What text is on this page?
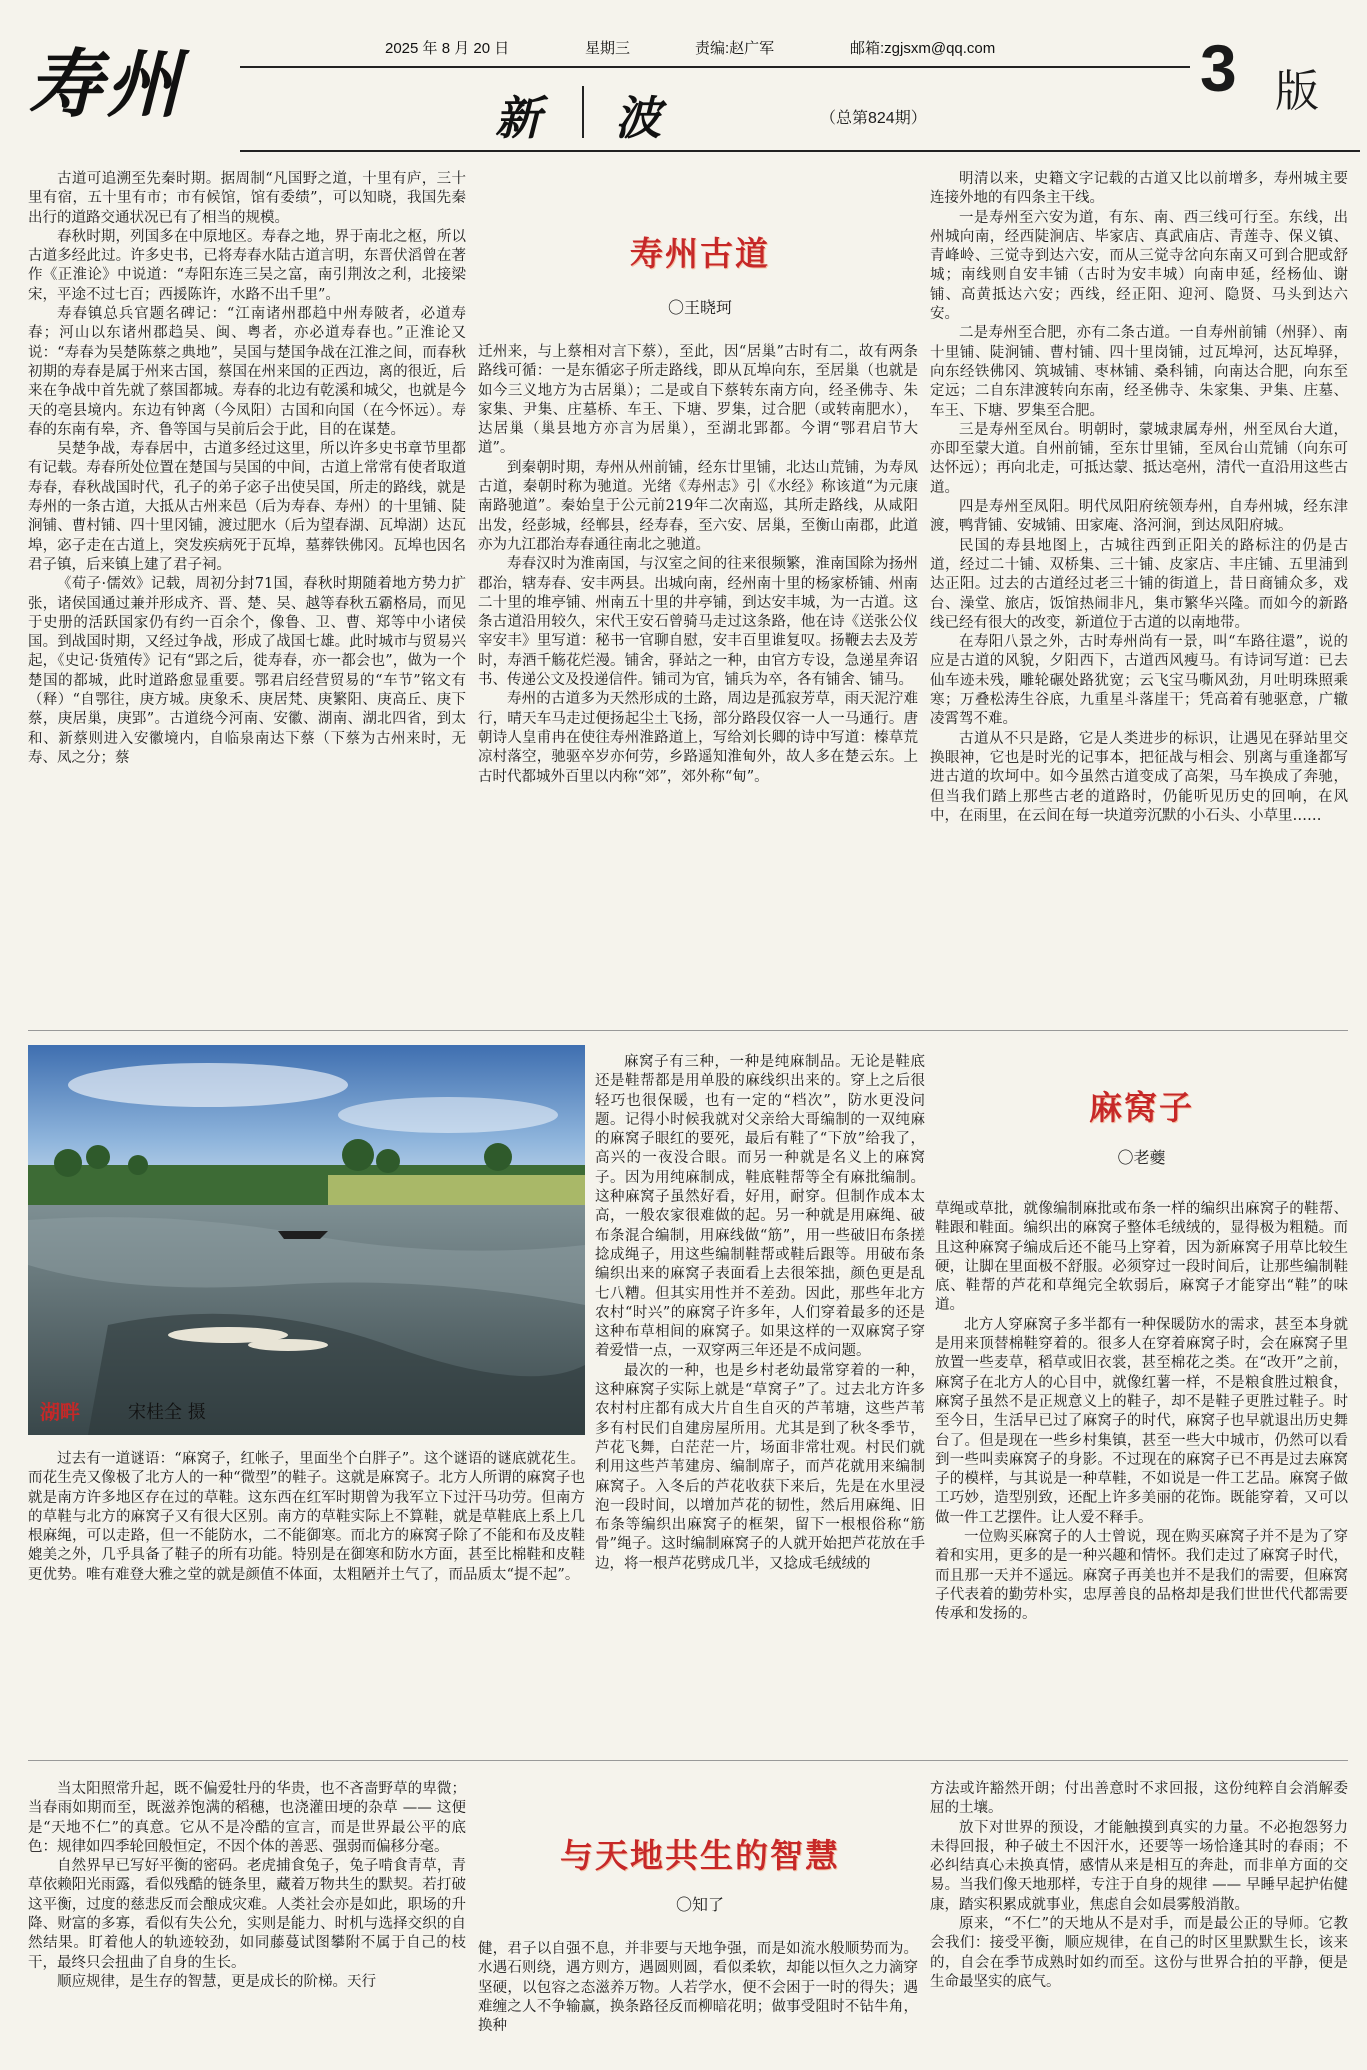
寿州	2025 年 8 月 20 日	星期三	责编:赵广军	邮箱:zgjsxm@qq.com
新 波	（总第824期）
3 版

古道可追溯至先秦时期。据周制“凡国野之道，十里有庐，三十里有宿，五十里有市；市有候馆，馆有委绩”，可以知晓，我国先秦出行的道路交通状况已有了相当的规模。

春秋时期，列国多在中原地区。寿春之地，界于南北之枢，所以古道多经此过。许多史书，已将寿春水陆古道言明，东晋伏滔曾在著作《正淮论》中说道：“寿阳东连三吴之富，南引荆汝之利，北接梁宋，平途不过七百；西援陈许，水路不出千里”。

寿春镇总兵官题名碑记：“江南诸州郡趋中州寿陂者，必道寿春；河山以东诸州郡趋吴、闽、粤者，亦必道寿春也。”正淮论又说：“寿春为吴楚陈蔡之典地”，吴国与楚国争战在江淮之间，而春秋初期的寿春是属于州来古国，蔡国在州来国的正西边，离的很近，后来在争战中首先就了蔡国都城。寿春的北边有乾溪和城父，也就是今天的亳县境内。东边有钟离（今凤阳）古国和向国（在今怀远）。寿春的东南有皋，齐、鲁等国与吴前后会于此，目的在谋楚。

吴楚争战，寿春居中，古道多经过这里，所以许多史书章节里都有记载。寿春所处位置在楚国与吴国的中间，古道上常常有使者取道寿春，春秋战国时代，孔子的弟子宓子出使吴国，所走的路线，就是寿州的一条古道，大抵从古州来邑（后为寿春、寿州）的十里铺、陡涧铺、曹村铺、四十里冈铺，渡过肥水（后为望春湖、瓦埠湖）达瓦埠，宓子走在古道上，突发疾病死于瓦埠，墓葬铁佛冈。瓦埠也因名君子镇，后来镇上建了君子祠。

《荀子·儒效》记载，周初分封71国，春秋时期随着地方势力扩张，诸侯国通过兼并形成齐、晋、楚、吴、越等春秋五霸格局，而见于史册的活跃国家仍有约一百余个，像鲁、卫、曹、郑等中小诸侯国。到战国时期，又经过争战，形成了战国七雄。此时城市与贸易兴起，《史记·货殖传》记有“郢之后，徙寿春，亦一都会也”，做为一个楚国的都城，此时道路愈显重要。鄂君启经营贸易的“车节”铭文有（释）“自鄂往，庚方城。庚象禾、庚居梵、庚繁阳、庚高丘、庚下蔡，庚居巢，庚郢”。古道绕今河南、安徽、湖南、湖北四省，到太和、新蔡则进入安徽境内，自临泉南达下蔡（下蔡为古州来时，无寿、凤之分；蔡

寿州古道
〇王晓珂

迁州来，与上蔡相对言下蔡），至此，因“居巢”古时有二，故有两条路线可循：一是东循宓子所走路线，即从瓦埠向东，至居巢（也就是如今三义地方为古居巢）；二是或自下蔡转东南方向，经圣佛寺、朱家集、尹集、庄墓桥、车王、下塘、罗集，过合肥（或转南肥水），达居巢（巢县地方亦言为居巢），至湖北郢都。今谓“鄂君启节大道”。

到秦朝时期，寿州从州前铺，经东廿里铺，北达山荒铺，为寿凤古道，秦朝时称为驰道。光绪《寿州志》引《水经》称该道“为元康南路驰道”。秦始皇于公元前219年二次南巡，其所走路线，从咸阳出发，经彭城，经郸县，经寿春，至六安、居巢，至衡山南郡，此道亦为九江郡治寿春通往南北之驰道。

寿春汉时为淮南国，与汉室之间的往来很频繁，淮南国除为扬州郡治，辖寿春、安丰两县。出城向南，经州南十里的杨家桥铺、州南二十里的堆亭铺、州南五十里的井亭铺，到达安丰城，为一古道。这条古道沿用较久，宋代王安石曾骑马走过这条路，他在诗《送张公仪宰安丰》里写道：秘书一官聊自慰，安丰百里谁复叹。扬鞭去去及芳时，寿酒千觞花烂漫。铺舍，驿站之一种，由官方专设，急递星奔诏书、传递公文及投递信件。铺司为官，铺兵为卒，各有铺舍、铺马。

寿州的古道多为天然形成的土路，周边是孤寂芳草，雨天泥泞难行，晴天车马走过便扬起尘土飞扬，部分路段仅容一人一马通行。唐朝诗人皇甫冉在使往寿州淮路道上，写给刘长卿的诗中写道：榛草荒凉村落空，驰驱卒岁亦何劳，乡路遥知淮甸外，故人多在楚云东。上古时代都城外百里以内称“郊”，郊外称“甸”。

明清以来，史籍文字记载的古道又比以前增多，寿州城主要连接外地的有四条主干线。

一是寿州至六安为道，有东、南、西三线可行至。东线，出州城向南，经西陡涧店、毕家店、真武庙店、青莲寺、保义镇、青峰岭、三觉寺到达六安，而从三觉寺岔向东南又可到合肥或舒城；南线则自安丰铺（古时为安丰城）向南申延，经杨仙、谢铺、高黄抵达六安；西线，经正阳、迎河、隐贤、马头到达六安。

二是寿州至合肥，亦有二条古道。一自寿州前铺（州驿）、南十里铺、陡涧铺、曹村铺、四十里岗铺，过瓦埠河，达瓦埠驿，向东经铁佛冈、筑城铺、枣林铺、桑科铺，向南达合肥，向东至定远；二自东津渡转向东南，经圣佛寺、朱家集、尹集、庄墓、车王、下塘、罗集至合肥。

三是寿州至凤台。明朝时，蒙城隶属寿州，州至凤台大道，亦即至蒙大道。自州前铺，至东廿里铺，至凤台山荒铺（向东可达怀远）；再向北走，可抵达蒙、抵达亳州，清代一直沿用这些古道。

四是寿州至凤阳。明代凤阳府统领寿州，自寿州城，经东津渡，鸭背铺、安城铺、田家庵、洛河涧，到达凤阳府城。

民国的寿县地图上，古城往西到正阳关的路标注的仍是古道，经过二十铺、双桥集、三十铺、皮家店、丰庄铺、五里浦到达正阳。过去的古道经过老三十铺的街道上，昔日商铺众多，戏台、澡堂、旅店，饭馆热闹非凡，集市繁华兴隆。而如今的新路线已经有很大的改变，新道位于古道的以南地带。

在寿阳八景之外，古时寿州尚有一景，叫“车路往還”，说的应是古道的风貌，夕阳西下，古道西风瘦马。有诗词写道：已去仙车迹未残，雕轮碾处路犹宽；云飞宝马嘶风劲，月吐明珠照乘寒；万叠松涛生谷底，九重星斗落崖干；凭高着有驰驱意，广辙凌霄驾不难。

古道从不只是路，它是人类进步的标识，让遇见在驿站里交换眼神，它也是时光的记事本，把征战与相会、别离与重逢都写进古道的坎坷中。如今虽然古道变成了高架，马车换成了奔驰，但当我们踏上那些古老的道路时，仍能听见历史的回响，在风中，在雨里，在云间在每一块道旁沉默的小石头、小草里……

湖畔	宋桂全 摄

过去有一道谜语：“麻窝子，红帐子，里面坐个白胖子”。这个谜语的谜底就花生。而花生壳又像极了北方人的一种“微型”的鞋子。这就是麻窝子。北方人所谓的麻窝子也就是南方许多地区存在过的草鞋。这东西在红军时期曾为我军立下过汗马功劳。但南方的草鞋与北方的麻窝子又有很大区别。南方的草鞋实际上不算鞋，就是草鞋底上系上几根麻绳，可以走路，但一不能防水，二不能御寒。而北方的麻窝子除了不能和布及皮鞋媲美之外，几乎具备了鞋子的所有功能。特别是在御寒和防水方面，甚至比棉鞋和皮鞋更优势。唯有难登大雅之堂的就是颜值不体面，太粗陋并土气了，而品质太“提不起”。

麻窝子有三种，一种是纯麻制品。无论是鞋底还是鞋帮都是用单股的麻线织出来的。穿上之后很轻巧也很保暖，也有一定的“档次”，防水更没问题。记得小时候我就对父亲给大哥编制的一双纯麻的麻窝子眼红的要死，最后有鞋了“下放”给我了，高兴的一夜没合眼。而另一种就是名义上的麻窝子。因为用纯麻制成，鞋底鞋帮等全有麻批编制。这种麻窝子虽然好看，好用，耐穿。但制作成本太高，一般农家很难做的起。另一种就是用麻绳、破布条混合编制，用麻线做“筋”，用一些破旧布条搓捻成绳子，用这些编制鞋帮或鞋后跟等。用破布条编织出来的麻窝子表面看上去很笨拙，颜色更是乱七八糟。但其实用性并不差劲。因此，那些年北方农村“时兴”的麻窝子许多年，人们穿着最多的还是这种布草相间的麻窝子。如果这样的一双麻窝子穿着爱惜一点，一双穿两三年还是不成问题。

最次的一种，也是乡村老幼最常穿着的一种，这种麻窝子实际上就是“草窝子”了。过去北方许多农村村庄都有成大片自生自灭的芦苇塘，这些芦苇多有村民们自建房屋所用。尤其是到了秋冬季节，芦花飞舞，白茫茫一片，场面非常壮观。村民们就利用这些芦苇建房、编制席子，而芦花就用来编制麻窝子。入冬后的芦花收获下来后，先是在水里浸泡一段时间，以增加芦花的韧性，然后用麻绳、旧布条等编织出麻窝子的框架，留下一根根俗称“筋骨”绳子。这时编制麻窝子的人就开始把芦花放在手边，将一根芦花劈成几半，又捻成毛绒绒的

麻窝子
〇老夔

草绳或草批，就像编制麻批或布条一样的编织出麻窝子的鞋帮、鞋跟和鞋面。编织出的麻窝子整体毛绒绒的，显得极为粗糙。而且这种麻窝子编成后还不能马上穿着，因为新麻窝子用草比较生硬，让脚在里面极不舒服。必须穿过一段时间后，让那些编制鞋底、鞋帮的芦花和草绳完全软弱后，麻窝子才能穿出“鞋”的味道。

北方人穿麻窝子多半都有一种保暖防水的需求，甚至本身就是用来顶替棉鞋穿着的。很多人在穿着麻窝子时，会在麻窝子里放置一些麦草，稻草或旧衣裳，甚至棉花之类。在“改开”之前，麻窝子在北方人的心目中，就像红薯一样，不是粮食胜过粮食，麻窝子虽然不是正规意义上的鞋子，却不是鞋子更胜过鞋子。时至今日，生活早已过了麻窝子的时代，麻窝子也早就退出历史舞台了。但是现在一些乡村集镇，甚至一些大中城市，仍然可以看到一些叫卖麻窝子的身影。不过现在的麻窝子已不再是过去麻窝子的模样，与其说是一种草鞋，不如说是一件工艺品。麻窝子做工巧妙，造型别致，还配上许多美丽的花饰。既能穿着，又可以做一件工艺摆件。让人爱不释手。

一位购买麻窝子的人士曾说，现在购买麻窝子并不是为了穿着和实用，更多的是一种兴趣和情怀。我们走过了麻窝子时代，而且那一天并不遥远。麻窝子再美也并不是我们的需要，但麻窝子代表着的勤劳朴实，忠厚善良的品格却是我们世世代代都需要传承和发扬的。

当太阳照常升起，既不偏爱牡丹的华贵，也不吝啬野草的卑微；当春雨如期而至，既滋养饱满的稻穗，也浇灌田埂的杂草 —— 这便是“天地不仁”的真意。它从不是冷酷的宣言，而是世界最公平的底色：规律如四季轮回般恒定，不因个体的善恶、强弱而偏移分毫。

自然界早已写好平衡的密码。老虎捕食兔子，兔子啃食青草，青草依赖阳光雨露，看似残酷的链条里，藏着万物共生的默契。若打破这平衡，过度的慈悲反而会酿成灾难。人类社会亦是如此，职场的升降、财富的多寡，看似有失公允，实则是能力、时机与选择交织的自然结果。盯着他人的轨迹较劲，如同藤蔓试图攀附不属于自己的枝干，最终只会扭曲了自身的生长。

顺应规律，是生存的智慧，更是成长的阶梯。天行

与天地共生的智慧
〇知了

健，君子以自强不息，并非要与天地争强，而是如流水般顺势而为。水遇石则绕，遇方则方，遇圆则圆，看似柔软，却能以恒久之力滴穿坚硬，以包容之态滋养万物。人若学水，便不会困于一时的得失；遇难缠之人不争输赢，换条路径反而柳暗花明；做事受阻时不钻牛角，换种

方法或许豁然开朗；付出善意时不求回报，这份纯粹自会消解委屈的土壤。

放下对世界的预设，才能触摸到真实的力量。不必抱怨努力未得回报，种子破土不因汗水，还要等一场恰逢其时的春雨；不必纠结真心未换真情，感情从来是相互的奔赴，而非单方面的交易。当我们像天地那样，专注于自身的规律 —— 早睡早起护佑健康，踏实积累成就事业，焦虑自会如晨雾般消散。

原来，“不仁”的天地从不是对手，而是最公正的导师。它教会我们：接受平衡，顺应规律，在自己的时区里默默生长，该来的，自会在季节成熟时如约而至。这份与世界合拍的平静，便是生命最坚实的底气。
